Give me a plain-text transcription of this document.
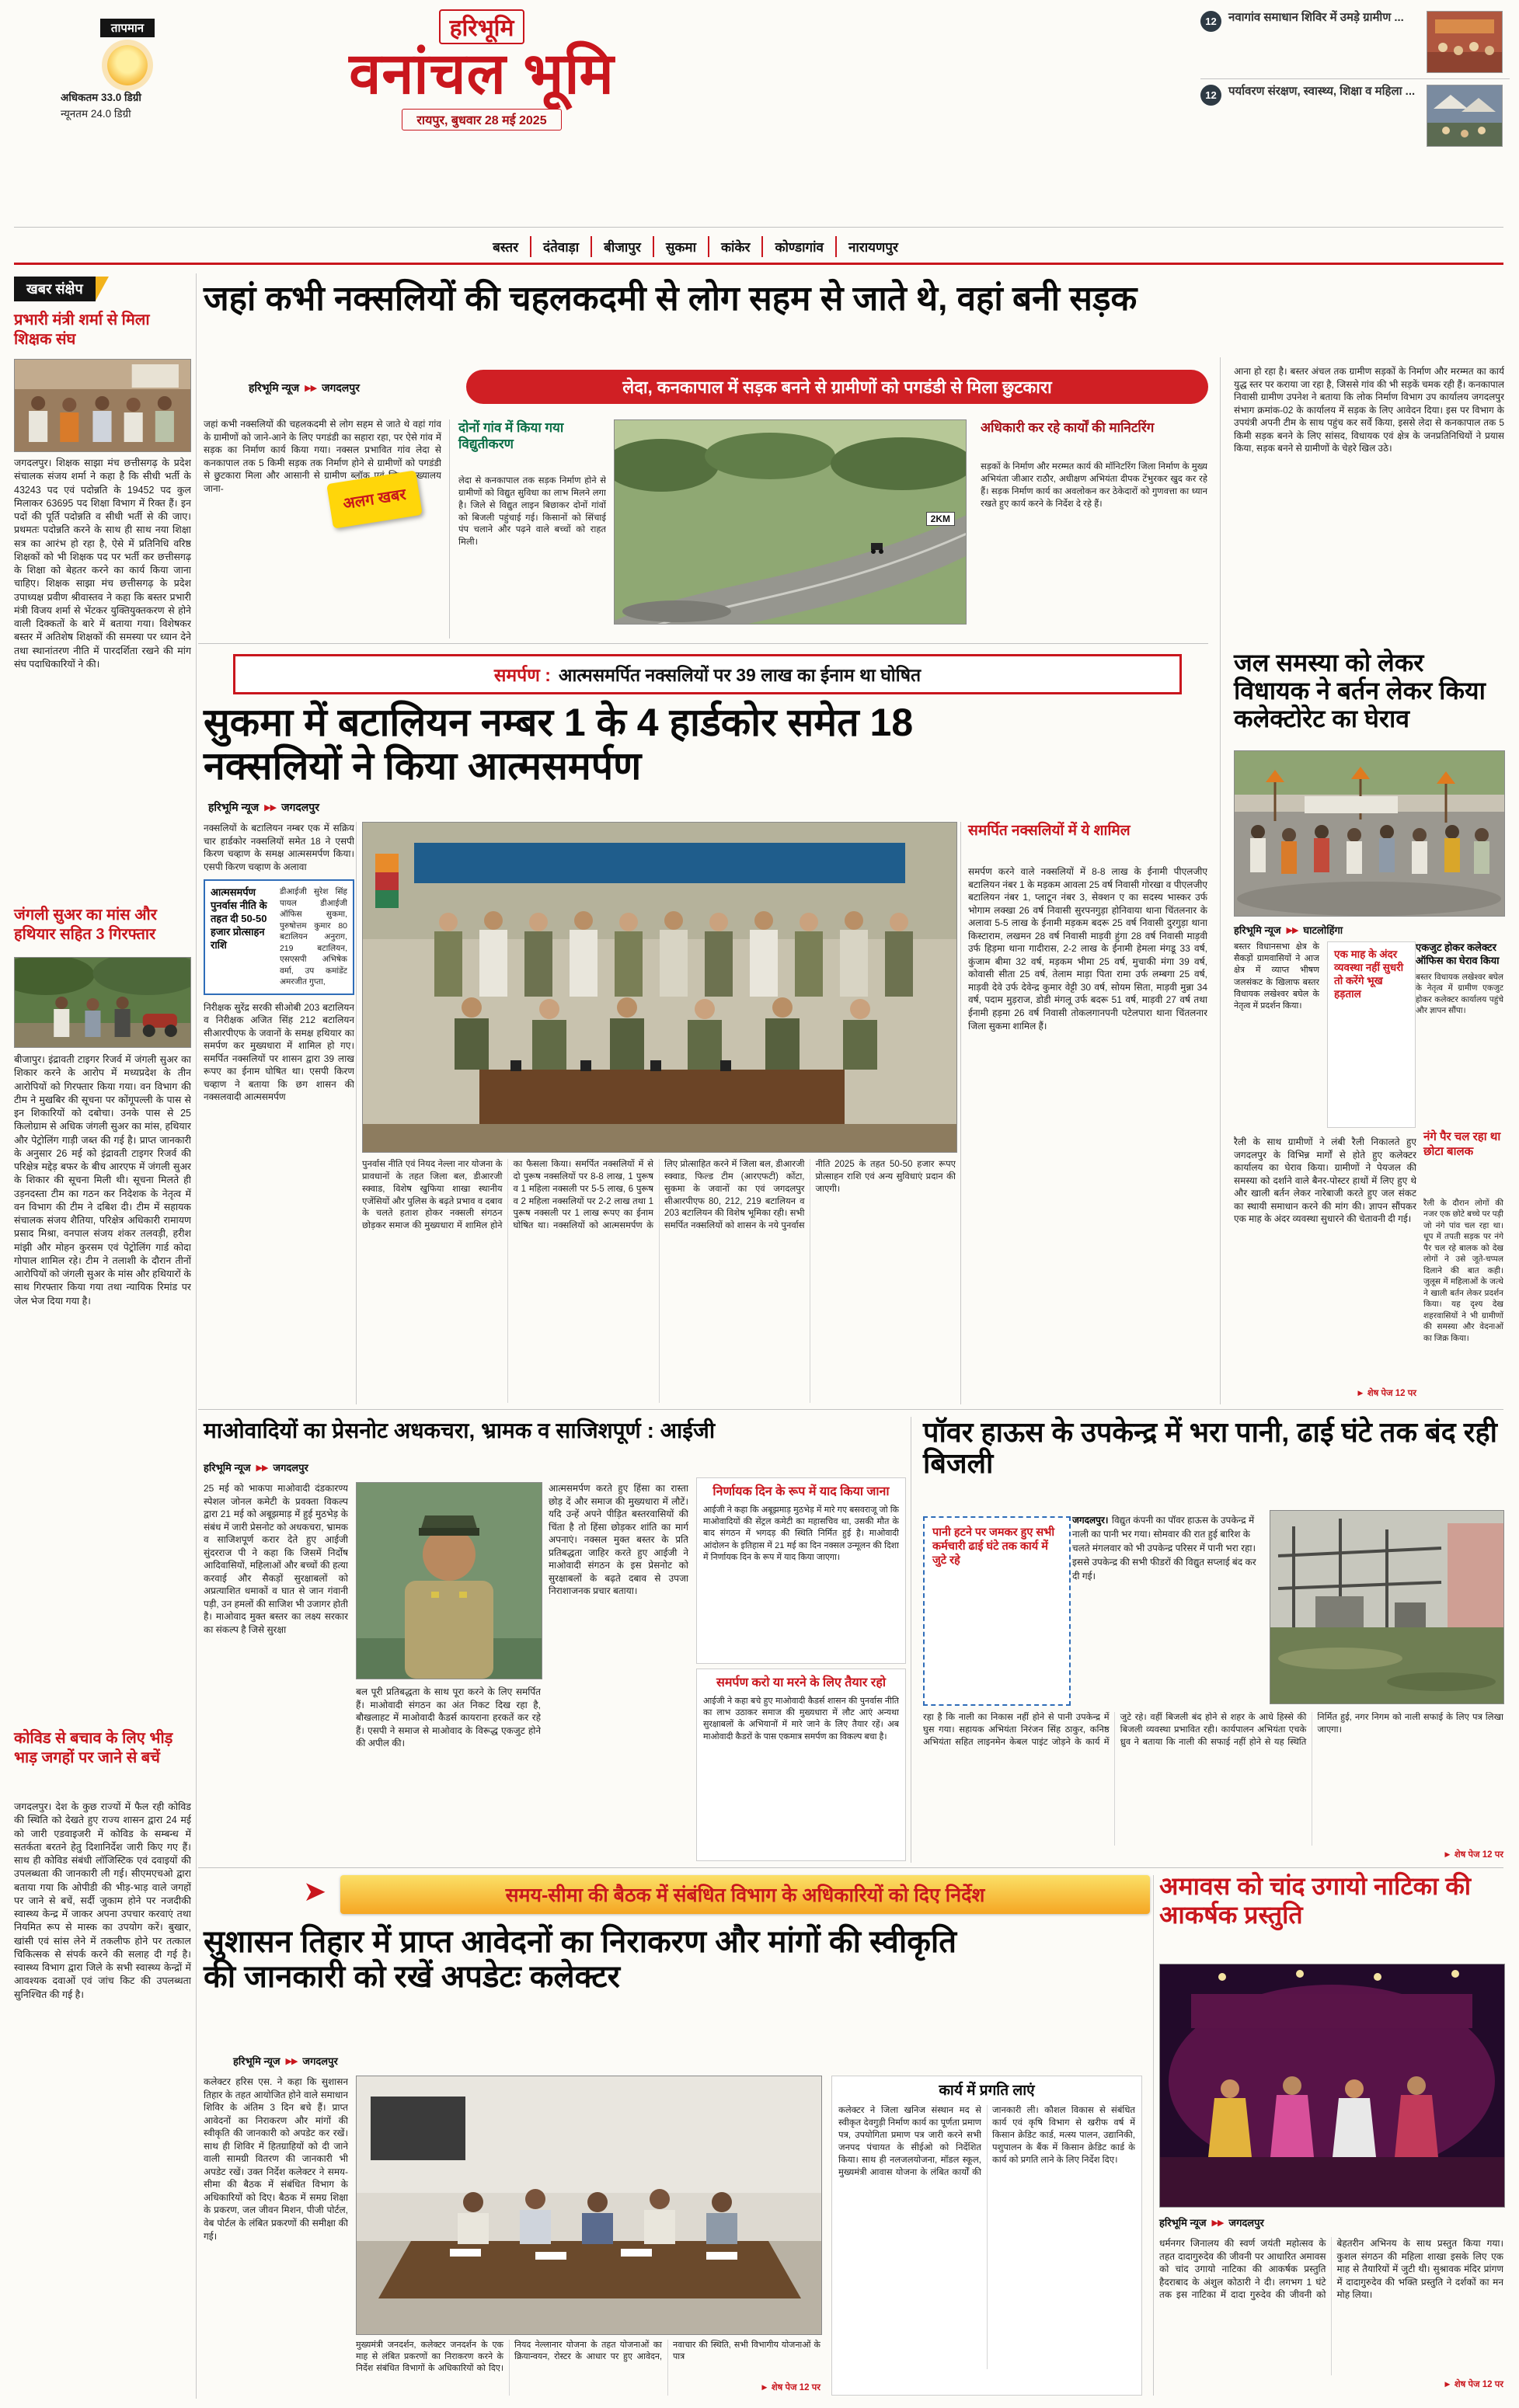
तापमान
अधिकतम 33.0 डिग्री
न्यूनतम 24.0 डिग्री
हरिभूमि
वनांचल भूमि
रायपुर, बुधवार 28 मई 2025
12	नवागांव समाधान शिविर में उमड़े ग्रामीण ...
12	पर्यावरण संरक्षण, स्वास्थ्य, शिक्षा व महिला ...
बस्तर	दंतेवाड़ा	बीजापुर	सुकमा	कांकेर	कोण्डागांव	नारायणपुर
खबर संक्षेप
प्रभारी मंत्री शर्मा से मिला शिक्षक संघ
जगदलपुर। शिक्षक साझा मंच छत्तीसगढ़ के प्रदेश संचालक संजय शर्मा ने कहा है कि सीधी भर्ती के 43243 पद एवं पदोन्नति के 19452 पद कुल मिलाकर 63695 पद शिक्षा विभाग में रिक्त हैं। इन पदों की पूर्ति पदोन्नति व सीधी भर्ती से की जाए। प्रथमतः पदोन्नति करने के साथ ही साथ नया शिक्षा सत्र का आरंभ हो रहा है, ऐसे में प्रतिनिधि वरिष्ठ शिक्षकों को भी शिक्षक पद पर भर्ती कर छत्तीसगढ़ के शिक्षा को बेहतर करने का कार्य किया जाना चाहिए। शिक्षक साझा मंच छत्तीसगढ़ के प्रदेश उपाध्यक्ष प्रवीण श्रीवास्तव ने कहा कि बस्तर प्रभारी मंत्री विजय शर्मा से भेंटकर युक्तियुक्तकरण से होने वाली दिक्कतों के बारे में बताया गया। विशेषकर बस्तर में अतिशेष शिक्षकों की समस्या पर ध्यान देने तथा स्थानांतरण नीति में पारदर्शिता रखने की मांग संघ पदाधिकारियों ने की।
जंगली सुअर का मांस और हथियार सहित 3 गिरफ्तार
बीजापुर। इंद्रावती टाइगर रिजर्व में जंगली सुअर का शिकार करने के आरोप में मध्यप्रदेश के तीन आरोपियों को गिरफ्तार किया गया। वन विभाग की टीम ने मुखबिर की सूचना पर कोंगूपल्ली के पास से इन शिकारियों को दबोचा। उनके पास से 25 किलोग्राम से अधिक जंगली सुअर का मांस, हथियार और पेट्रोलिंग गाड़ी जब्त की गई है। प्राप्त जानकारी के अनुसार 26 मई को इंद्रावती टाइगर रिजर्व की परिक्षेत्र मद्देड़ बफर के बीच आरएफ में जंगली सुअर के शिकार की सूचना मिली थी। सूचना मिलते ही उड़नदस्ता टीम का गठन कर निदेशक के नेतृत्व में वन विभाग की टीम ने दबिश दी। टीम में सहायक संचालक संजय शैतिया, परिक्षेत्र अधिकारी रामायण प्रसाद मिश्रा, वनपाल संजय शंकर तलवड़ी, हरीश मांझी और मोहन कुरसम एवं पेट्रोलिंग गार्ड कोदा गोपाल शामिल रहे। टीम ने तलाशी के दौरान तीनों आरोपियों को जंगली सुअर के मांस और हथियारों के साथ गिरफ्तार किया गया तथा न्यायिक रिमांड पर जेल भेज दिया गया है।
कोविड से बचाव के लिए भीड़ भाड़ जगहों पर जाने से बचें
जगदलपुर। देश के कुछ राज्यों में फैल रही कोविड की स्थिति को देखते हुए राज्य शासन द्वारा 24 मई को जारी एडवाइजरी में कोविड के सम्बन्ध में सतर्कता बरतने हेतु दिशानिर्देश जारी किए गए हैं। साथ ही कोविड संबंधी लॉजिस्टिक एवं दवाइयों की उपलब्धता की जानकारी ली गई। सीएमएचओ द्वारा बताया गया कि ओपीडी की भीड़-भाड़ वाले जगहों पर जाने से बचें, सर्दी जुकाम होने पर नजदीकी स्वास्थ्य केन्द्र में जाकर अपना उपचार करवाएं तथा नियमित रूप से मास्क का उपयोग करें। बुखार, खांसी एवं सांस लेने में तकलीफ होने पर तत्काल चिकित्सक से संपर्क करने की सलाह दी गई है। स्वास्थ्य विभाग द्वारा जिले के सभी स्वास्थ्य केन्द्रों में आवश्यक दवाओं एवं जांच किट की उपलब्धता सुनिश्चित की गई है।
जहां कभी नक्सलियों की चहलकदमी से लोग सहम से जाते थे, वहां बनी सड़क
हरिभूमि न्यूज ▶▶ जगदलपुर	लेदा, कनकापाल में सड़क बनने से ग्रामीणों को पगडंडी से मिला छुटकारा
जहां कभी नक्सलियों की चहलकदमी से लोग सहम से जाते थे वहां गांव के ग्रामीणों को जाने-आने के लिए पगडंडी का सहारा रहा, पर ऐसे गांव में सड़क का निर्माण कार्य किया गया। नक्सल प्रभावित गांव लेदा से कनकापाल तक 5 किमी सड़क तक निर्माण होने से ग्रामीणों को पगडंडी से छुटकारा मिला और आसानी से ग्रामीण ब्लॉक एवं जिला मुख्यालय जाना-	अलग खबर
दोनों गांव में किया गया विद्युतीकरण
लेदा से कनकापाल तक सड़क निर्माण होने से ग्रामीणों को विद्युत सुविधा का लाभ मिलने लगा है। जिले से विद्युत लाइन बिछाकर दोनों गांवों को बिजली पहुंचाई गई। किसानों को सिंचाई पंप चलाने और पढ़ने वाले बच्चों को राहत मिली।
2KM
अधिकारी कर रहे कार्यों की मानिटरिंग
सड़कों के निर्माण और मरम्मत कार्य की मॉनिटरिंग जिला निर्माण के मुख्य अभियंता जीआर राठौर, अधीक्षण अभियंता दीपक टेंभुरकर खुद कर रहे हैं। सड़क निर्माण कार्य का अवलोकन कर ठेकेदारों को गुणवत्ता का ध्यान रखते हुए कार्य करने के निर्देश दे रहे हैं।
आना हो रहा है। बस्तर अंचल तक ग्रामीण सड़कों के निर्माण और मरम्मत का कार्य युद्ध स्तर पर कराया जा रहा है, जिससे गांव की भी सड़कें चमक रही हैं। कनकापाल निवासी ग्रामीण उपनेश ने बताया कि लोक निर्माण विभाग उप कार्यालय जगदलपुर संभाग क्रमांक-02 के कार्यालय में सड़क के लिए आवेदन दिया। इस पर विभाग के उपयंत्री अपनी टीम के साथ पहुंच कर सर्वे किया, इससे लेदा से कनकापाल तक 5 किमी सड़क बनने के लिए सांसद, विधायक एवं क्षेत्र के जनप्रतिनिधियों ने प्रयास किया, सड़क बनने से ग्रामीणों के चेहरे खिल उठे।
समर्पण : आत्मसमर्पित नक्सलियों पर 39 लाख का ईनाम था घोषित
सुकमा में बटालियन नम्बर 1 के 4 हार्डकोर समेत 18 नक्सलियों ने किया आत्मसमर्पण
हरिभूमि न्यूज ▶▶ जगदलपुर
नक्सलियों के बटालियन नम्बर एक में सक्रिय चार हार्डकोर नक्सलियों समेत 18 ने एसपी किरण चव्हाण के समक्ष आत्मसमर्पण किया। एसपी किरण चव्हाण के अलावा
आत्मसमर्पण पुनर्वास नीति के तहत दी 50-50 हजार प्रोत्साहन राशि
डीआईजी सुरेश सिंह पायल डीआईजी ऑफिस सुकमा, पुरुषोत्तम कुमार 80 बटालियन अनुराग, 219 बटालियन, एसएसपी अभिषेक वर्मा, उप कमांडेंट अमरजीत गुप्ता,
निरीक्षक सुरेंद्र सरकी सीओबी 203 बटालियन व निरीक्षक अजित सिंह 212 बटालियन सीआरपीएफ के जवानों के समक्ष हथियार का समर्पण कर मुख्यधारा में शामिल हो गए। समर्पित नक्सलियों पर शासन द्वारा 39 लाख रूपए का ईनाम घोषित था। एसपी किरण चव्हाण ने बताया कि छग शासन की नक्सलवादी आत्मसमर्पण
पुनर्वास नीति एवं नियद नेल्ला नार योजना के प्रावधानों के तहत जिला बल, डीआरजी स्क्वाड, विशेष खुफिया शाखा स्थानीय एजेंसियों और पुलिस के बढ़ते प्रभाव व दबाव के चलते हताश होकर नक्सली संगठन छोड़कर समाज की मुख्यधारा में शामिल होने का फैसला किया। समर्पित नक्सलियों में से दो पुरूष नक्सलियों पर 8-8 लाख, 1 पुरूष व 1 महिला नक्सली पर 5-5 लाख, 6 पुरूष व 2 महिला नक्सलियों पर 2-2 लाख तथा 1 पुरूष नक्सली पर 1 लाख रूपए का ईनाम घोषित था। नक्सलियों को आत्मसमर्पण के लिए प्रोत्साहित करने में जिला बल, डीआरजी स्क्वाड, फिल्ड टीम (आरएफटी) कोंटा, सुकमा के जवानों का एवं जगदलपुर सीआरपीएफ 80, 212, 219 बटालियन व 203 बटालियन की विशेष भूमिका रही। सभी समर्पित नक्सलियों को शासन के नये पुनर्वास नीति 2025 के तहत 50-50 हजार रूपए प्रोत्साहन राशि एवं अन्य सुविधाएं प्रदान की जाएगी।
समर्पित नक्सलियों में ये शामिल
समर्पण करने वाले नक्सलियों में 8-8 लाख के ईनामी पीएलजीए बटालियन नंबर 1 के मड़कम आवला 25 वर्ष निवासी गोरखा व पीएलजीए बटालियन नंबर 1, प्लाटून नंबर 3, सेक्शन ए का सदस्य भास्कर उर्फ भोगाम लक्खा 26 वर्ष निवासी सुरपनगुड़ा होनिवाया थाना चिंतलनार के अलावा 5-5 लाख के ईनामी मड़कम बदरू 25 वर्ष निवासी दुरगुड़ा थाना किस्टाराम, लखमन 28 वर्ष निवासी माड़वी हुंगा 28 वर्ष निवासी माड़वी उर्फ हिड़मा थाना गादीरास, 2-2 लाख के ईनामी हेमला मंगडू 33 वर्ष, कुंजाम बीमा 32 वर्ष, मड़कम भीमा 25 वर्ष, मुचाकी मंगा 39 वर्ष, कोवासी सीता 25 वर्ष, तेलाम माड़ा पिता रामा उर्फ लम्बगा 25 वर्ष, माड़वी देवे उर्फ देवेन्द्र कुमार वेट्टी 30 वर्ष, सोयम सिता, माड़वी मुन्ना 34 वर्ष, पदाम मुड़राज, डोडी मंगलू उर्फ बदरू 51 वर्ष, माड़वी 27 वर्ष तथा ईनामी हड़मा 26 वर्ष निवासी तोकलगानपनी पटेलपारा थाना चिंतलनार जिला सुकमा शामिल हैं।
जल समस्या को लेकर विधायक ने बर्तन लेकर किया कलेक्टोरेट का घेराव
हरिभूमि न्यूज ▶▶ घाटलोहिंगा
बस्तर विधानसभा क्षेत्र के सैकड़ों ग्रामवासियों ने आज क्षेत्र में व्याप्त भीषण जलसंकट के खिलाफ बस्तर विधायक लखेश्वर बघेल के नेतृत्व में प्रदर्शन किया।
एक माह के अंदर व्यवस्था नहीं सुधरी तो करेंगे भूख हड़ताल
एकजुट होकर कलेक्टर ऑफिस का घेराव किया
बस्तर विधायक लखेश्वर बघेल के नेतृत्व में ग्रामीण एकजुट होकर कलेक्टर कार्यालय पहुंचे और ज्ञापन सौंपा।
रैली के साथ ग्रामीणों ने लंबी रैली निकालते हुए जगदलपुर के विभिन्न मार्गों से होते हुए कलेक्टर कार्यालय का घेराव किया। ग्रामीणों ने पेयजल की समस्या को दर्शाने वाले बैनर-पोस्टर हाथों में लिए हुए थे और खाली बर्तन लेकर नारेबाजी करते हुए जल संकट का स्थायी समाधान करने की मांग की। ज्ञापन सौंपकर एक माह के अंदर व्यवस्था सुधारने की चेतावनी दी गई।
► शेष पेज 12 पर
नंगे पैर चल रहा था छोटा बालक
रैली के दौरान लोगों की नजर एक छोटे बच्चे पर पड़ी जो नंगे पांव चल रहा था। धूप में तपती सड़क पर नंगे पैर चल रहे बालक को देख लोगों ने उसे जूते-चप्पल दिलाने की बात कही। जुलूस में महिलाओं के जत्थे ने खाली बर्तन लेकर प्रदर्शन किया। यह दृश्य देख शहरवासियों ने भी ग्रामीणों की समस्या और वेदनाओं का जिक्र किया।
माओवादियों का प्रेसनोट अधकचरा, भ्रामक व साजिशपूर्ण : आईजी
हरिभूमि न्यूज ▶▶ जगदलपुर
25 मई को भाकपा माओवादी दंडकारण्य स्पेशल जोनल कमेटी के प्रवक्ता विकल्प द्वारा 21 मई को अबूझमाड़ में हुई मुठभेड़ के संबंध में जारी प्रेसनोट को अधकचरा, भ्रामक व साजिशपूर्ण करार देते हुए आईजी सुंदरराज पी ने कहा कि जिसमें निर्दोष आदिवासियों, महिलाओं और बच्चों की हत्या करवाई और सैकड़ों सुरक्षाबलों को अप्रत्याशित धमाकों व घात से जान गंवानी पड़ी, उन हमलों की साजिश भी उजागर होती है। माओवाद मुक्त बस्तर का लक्ष्य सरकार का संकल्प है जिसे सुरक्षा
बल पूरी प्रतिबद्धता के साथ पूरा करने के लिए समर्पित हैं। माओवादी संगठन का अंत निकट दिख रहा है, बौखलाहट में माओवादी कैडर्स कायराना हरकतें कर रहे हैं। एसपी ने समाज से माओवाद के विरूद्ध एकजुट होने की अपील की।
आत्मसमर्पण करते हुए हिंसा का रास्ता छोड़ दें और समाज की मुख्यधारा में लौटें। यदि उन्हें अपने पीड़ित बस्तरवासियों की चिंता है तो हिंसा छोड़कर शांति का मार्ग अपनाएं। नक्सल मुक्त बस्तर के प्रति प्रतिबद्धता जाहिर करते हुए आईजी ने माओवादी संगठन के इस प्रेसनोट को सुरक्षाबलों के बढ़ते दबाव से उपजा निराशाजनक प्रचार बताया।
निर्णायक दिन के रूप में याद किया जाना
आईजी ने कहा कि अबूझमाड़ मुठभेड़ में मारे गए बसवराजू जो कि माओवादियों की सेंट्रल कमेटी का महासचिव था, उसकी मौत के बाद संगठन में भगदड़ की स्थिति निर्मित हुई है। माओवादी आंदोलन के इतिहास में 21 मई का दिन नक्सल उन्मूलन की दिशा में निर्णायक दिन के रूप में याद किया जाएगा।
समर्पण करो या मरने के लिए तैयार रहो
आईजी ने कहा बचे हुए माओवादी कैडर्स शासन की पुनर्वास नीति का लाभ उठाकर समाज की मुख्यधारा में लौट आएं अन्यथा सुरक्षाबलों के अभियानों में मारे जाने के लिए तैयार रहें। अब माओवादी कैडरों के पास एकमात्र समर्पण का विकल्प बचा है।
पॉवर हाऊस के उपकेन्द्र में भरा पानी, ढाई घंटे तक बंद रही बिजली
पानी हटने पर जमकर हुए सभी कर्मचारी ढाई घंटे तक कार्य में जुटे रहे
जगदलपुर। विद्युत कंपनी का पॉवर हाऊस के उपकेन्द्र में नाली का पानी भर गया। सोमवार की रात हुई बारिश के चलते मंगलवार को भी उपकेन्द्र परिसर में पानी भरा रहा। इससे उपकेन्द्र की सभी फीडरों की विद्युत सप्लाई बंद कर दी गई।
रहा है कि नाली का निकास नहीं होने से पानी उपकेन्द्र में घुस गया। सहायक अभियंता निरंजन सिंह ठाकुर, कनिष्ठ अभियंता सहित लाइनमेन केबल पाइंट जोड़ने के कार्य में जुटे रहे। वहीं बिजली बंद होने से शहर के आधे हिस्से की बिजली व्यवस्था प्रभावित रही। कार्यपालन अभियंता एचके ध्रुव ने बताया कि नाली की सफाई नहीं होने से यह स्थिति निर्मित हुई, नगर निगम को नाली सफाई के लिए पत्र लिखा जाएगा।
► शेष पेज 12 पर
➤	समय-सीमा की बैठक में संबंधित विभाग के अधिकारियों को दिए निर्देश
सुशासन तिहार में प्राप्त आवेदनों का निराकरण और मांगों की स्वीकृति की जानकारी को रखें अपडेटः कलेक्टर
हरिभूमि न्यूज ▶▶ जगदलपुर
कलेक्टर हरिस एस. ने कहा कि सुशासन तिहार के तहत आयोजित होने वाले समाधान शिविर के अंतिम 3 दिन बचे हैं। प्राप्त आवेदनों का निराकरण और मांगों की स्वीकृति की जानकारी को अपडेट कर रखें। साथ ही शिविर में हितग्राहियों को दी जाने वाली सामग्री वितरण की जानकारी भी अपडेट रखें। उक्त निर्देश कलेक्टर ने समय-सीमा की बैठक में संबंधित विभाग के अधिकारियों को दिए। बैठक में समग्र शिक्षा के प्रकरण, जल जीवन मिशन, पीजी पोर्टल, वेब पोर्टल के लंबित प्रकरणों की समीक्षा की गई।
मुख्यमंत्री जनदर्शन, कलेक्टर जनदर्शन के एक माह से लंबित प्रकरणों का निराकरण करने के निर्देश संबंधित विभागों के अधिकारियों को दिए। नियद नेल्लानार योजना के तहत योजनाओं का क्रियान्वयन, रोस्टर के आधार पर हुए आवेदन, नवाचार की स्थिति, सभी विभागीय योजनाओं के पात्र
► शेष पेज 12 पर
कार्य में प्रगति लाएं
कलेक्टर ने जिला खनिज संस्थान मद से स्वीकृत देवगुड़ी निर्माण कार्य का पूर्णता प्रमाण पत्र, उपयोगिता प्रमाण पत्र जारी करने सभी जनपद पंचायत के सीईओ को निर्देशित किया। साथ ही नलजलयोजना, मॉडल स्कूल, मुख्यमंत्री आवास योजना के लंबित कार्यों की जानकारी ली। कौशल विकास से संबंधित कार्य एवं कृषि विभाग से खरीफ वर्ष में किसान क्रेडिट कार्ड, मत्स्य पालन, उद्यानिकी, पशुपालन के बैंक में किसान क्रेडिट कार्ड के कार्य को प्रगति लाने के लिए निर्देश दिए।
अमावस को चांद उगायो नाटिका की आकर्षक प्रस्तुति
हरिभूमि न्यूज ▶▶ जगदलपुर
धर्मनगर जिनालय की स्वर्ण जयंती महोत्सव के तहत दादागुरुदेव की जीवनी पर आधारित अमावस को चांद उगायो नाटिका की आकर्षक प्रस्तुति हैदराबाद के अंशुल कोठारी ने दी। लगभग 1 घंटे तक इस नाटिका में दादा गुरुदेव की जीवनी को बेहतरीन अभिनय के साथ प्रस्तुत किया गया। कुशल संगठन की महिला शाखा इसके लिए एक माह से तैयारियों में जुटी थी। सुश्रावक मंदिर प्रांगण में दादागुरुदेव की भक्ति प्रस्तुति ने दर्शकों का मन मोह लिया।
► शेष पेज 12 पर
